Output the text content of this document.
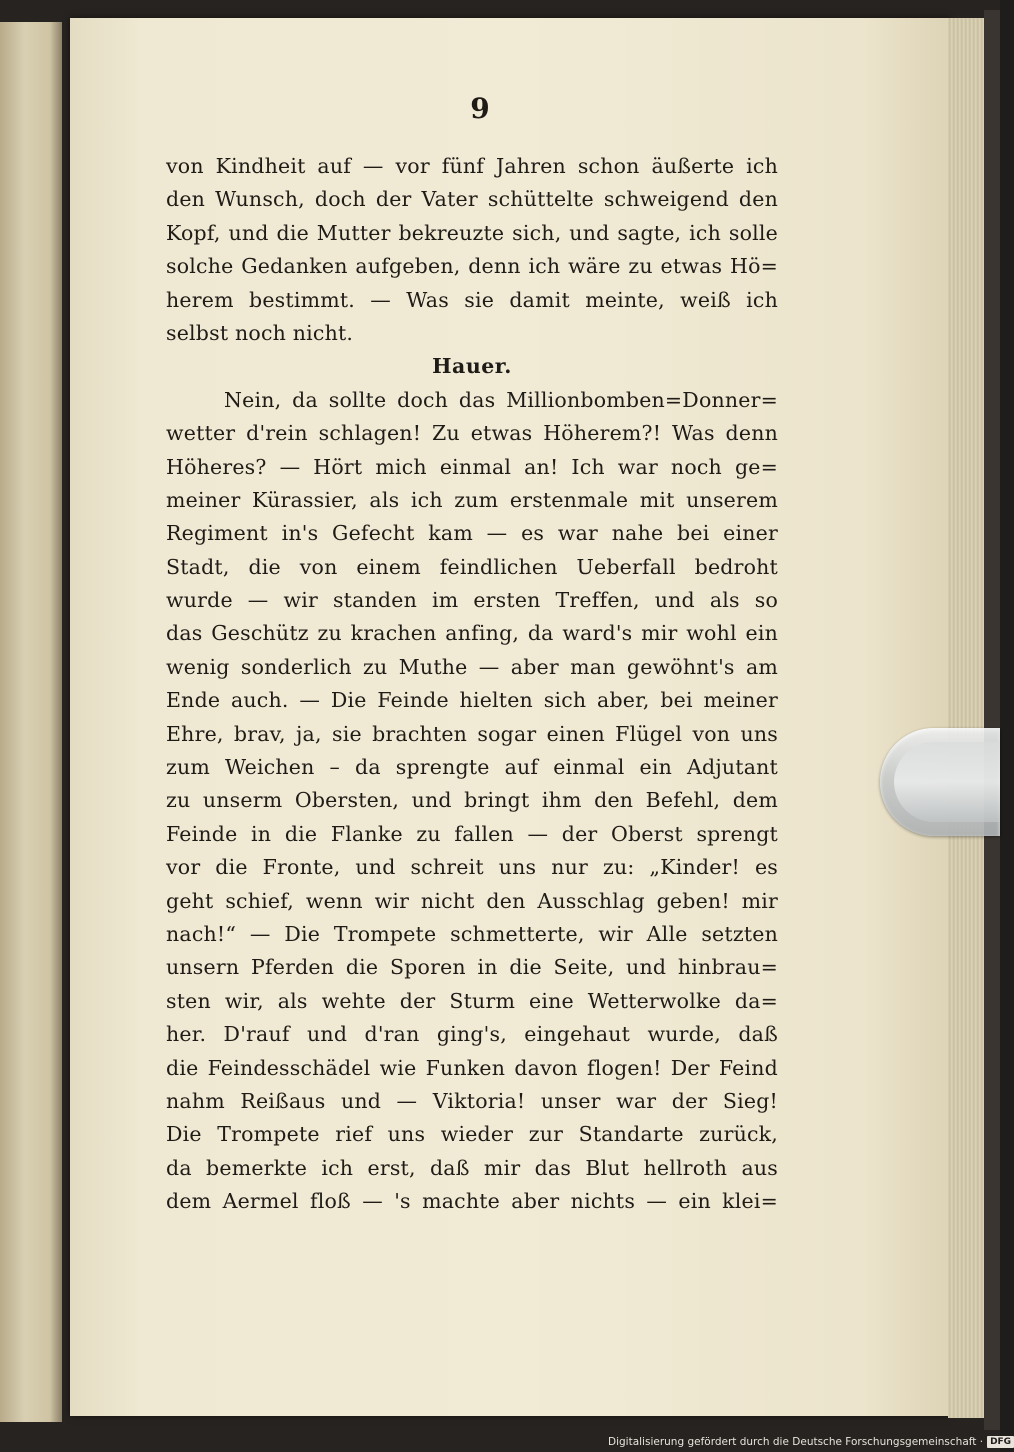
9
von Kindheit auf — vor fünf Jahren schon äußerte ich
den Wunsch, doch der Vater schüttelte schweigend den
Kopf, und die Mutter bekreuzte sich, und sagte, ich solle
solche Gedanken aufgeben, denn ich wäre zu etwas Hö=
herem bestimmt. — Was sie damit meinte, weiß ich
selbst noch nicht.
Hauer.
Nein, da sollte doch das Millionbomben=Donner=
wetter d'rein schlagen! Zu etwas Höherem?! Was denn
Höheres? — Hört mich einmal an! Ich war noch ge=
meiner Kürassier, als ich zum erstenmale mit unserem
Regiment in's Gefecht kam — es war nahe bei einer
Stadt, die von einem feindlichen Ueberfall bedroht
wurde — wir standen im ersten Treffen, und als so
das Geschütz zu krachen anfing, da ward's mir wohl ein
wenig sonderlich zu Muthe — aber man gewöhnt's am
Ende auch. — Die Feinde hielten sich aber, bei meiner
Ehre, brav, ja, sie brachten sogar einen Flügel von uns
zum Weichen – da sprengte auf einmal ein Adjutant
zu unserm Obersten, und bringt ihm den Befehl, dem
Feinde in die Flanke zu fallen — der Oberst sprengt
vor die Fronte, und schreit uns nur zu: „Kinder! es
geht schief, wenn wir nicht den Ausschlag geben! mir
nach!“ — Die Trompete schmetterte, wir Alle setzten
unsern Pferden die Sporen in die Seite, und hinbrau=
sten wir, als wehte der Sturm eine Wetterwolke da=
her. D'rauf und d'ran ging's, eingehaut wurde, daß
die Feindesschädel wie Funken davon flogen! Der Feind
nahm Reißaus und — Viktoria! unser war der Sieg!
Die Trompete rief uns wieder zur Standarte zurück,
da bemerkte ich erst, daß mir das Blut hellroth aus
dem Aermel floß — 's machte aber nichts — ein klei=
Digitalisierung gefördert durch die Deutsche Forschungsgemeinschaft · DFG
